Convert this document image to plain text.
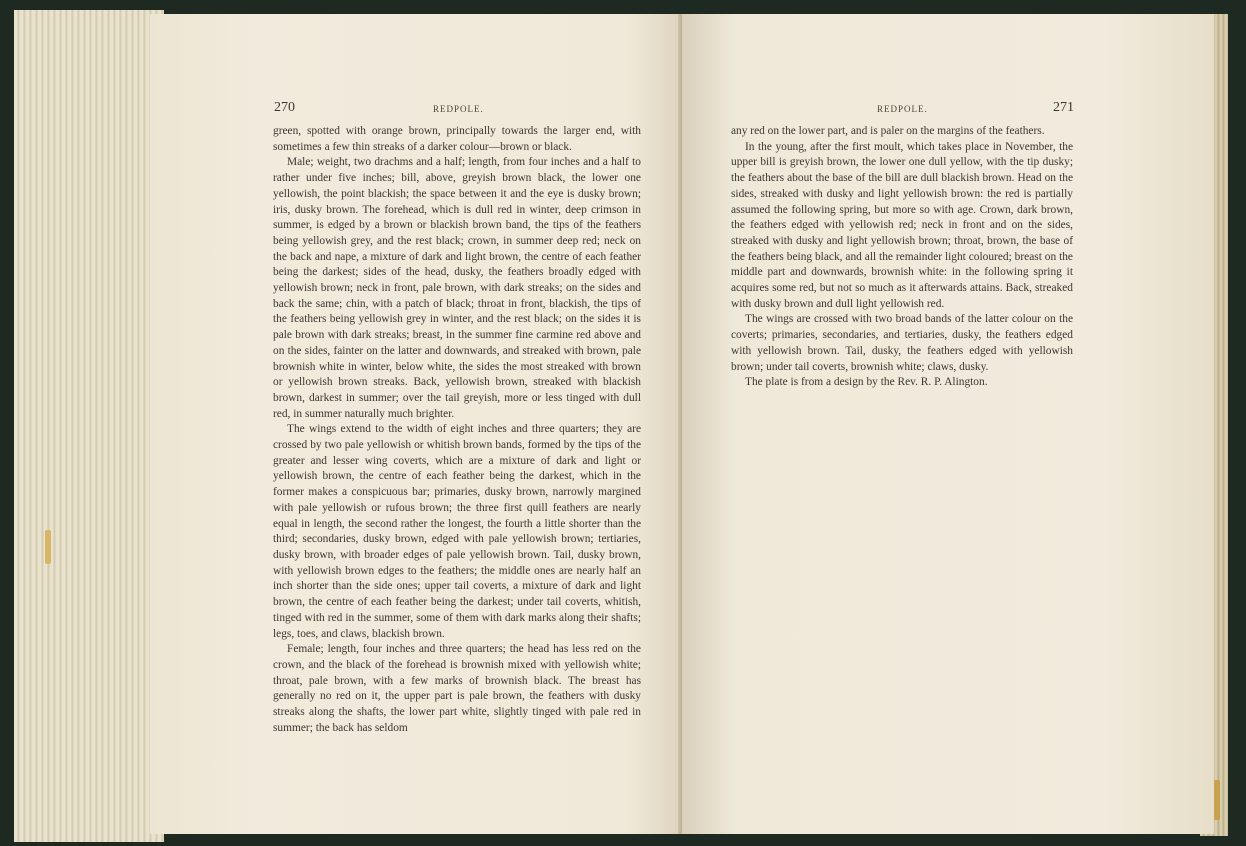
270	REDPOLE.

green, spotted with orange brown, principally towards the larger end, with sometimes a few thin streaks of a darker colour—brown or black.

Male; weight, two drachms and a half; length, from four inches and a half to rather under five inches; bill, above, greyish brown black, the lower one yellowish, the point blackish; the space between it and the eye is dusky brown; iris, dusky brown. The forehead, which is dull red in winter, deep crimson in summer, is edged by a brown or blackish brown band, the tips of the feathers being yellowish grey, and the rest black; crown, in summer deep red; neck on the back and nape, a mixture of dark and light brown, the centre of each feather being the darkest; sides of the head, dusky, the feathers broadly edged with yellowish brown; neck in front, pale brown, with dark streaks; on the sides and back the same; chin, with a patch of black; throat in front, blackish, the tips of the feathers being yellowish grey in winter, and the rest black; on the sides it is pale brown with dark streaks; breast, in the summer fine carmine red above and on the sides, fainter on the latter and downwards, and streaked with brown, pale brownish white in winter, below white, the sides the most streaked with brown or yellowish brown streaks. Back, yellowish brown, streaked with blackish brown, darkest in summer; over the tail greyish, more or less tinged with dull red, in summer naturally much brighter.

The wings extend to the width of eight inches and three quarters; they are crossed by two pale yellowish or whitish brown bands, formed by the tips of the greater and lesser wing coverts, which are a mixture of dark and light or yellowish brown, the centre of each feather being the darkest, which in the former makes a conspicuous bar; primaries, dusky brown, narrowly margined with pale yellowish or rufous brown; the three first quill feathers are nearly equal in length, the second rather the longest, the fourth a little shorter than the third; secondaries, dusky brown, edged with pale yellowish brown; tertiaries, dusky brown, with broader edges of pale yellowish brown. Tail, dusky brown, with yellowish brown edges to the feathers; the middle ones are nearly half an inch shorter than the side ones; upper tail coverts, a mixture of dark and light brown, the centre of each feather being the darkest; under tail coverts, whitish, tinged with red in the summer, some of them with dark marks along their shafts; legs, toes, and claws, blackish brown.

Female; length, four inches and three quarters; the head has less red on the crown, and the black of the forehead is brownish mixed with yellowish white; throat, pale brown, with a few marks of brownish black. The breast has generally no red on it, the upper part is pale brown, the feathers with dusky streaks along the shafts, the lower part white, slightly tinged with pale red in summer; the back has seldom

REDPOLE.	271

any red on the lower part, and is paler on the margins of the feathers.

In the young, after the first moult, which takes place in November, the upper bill is greyish brown, the lower one dull yellow, with the tip dusky; the feathers about the base of the bill are dull blackish brown. Head on the sides, streaked with dusky and light yellowish brown: the red is partially assumed the following spring, but more so with age. Crown, dark brown, the feathers edged with yellowish red; neck in front and on the sides, streaked with dusky and light yellowish brown; throat, brown, the base of the feathers being black, and all the remainder light coloured; breast on the middle part and downwards, brownish white: in the following spring it acquires some red, but not so much as it afterwards attains. Back, streaked with dusky brown and dull light yellowish red.

The wings are crossed with two broad bands of the latter colour on the coverts; primaries, secondaries, and tertiaries, dusky, the feathers edged with yellowish brown. Tail, dusky, the feathers edged with yellowish brown; under tail coverts, brownish white; claws, dusky.

The plate is from a design by the Rev. R. P. Alington.
